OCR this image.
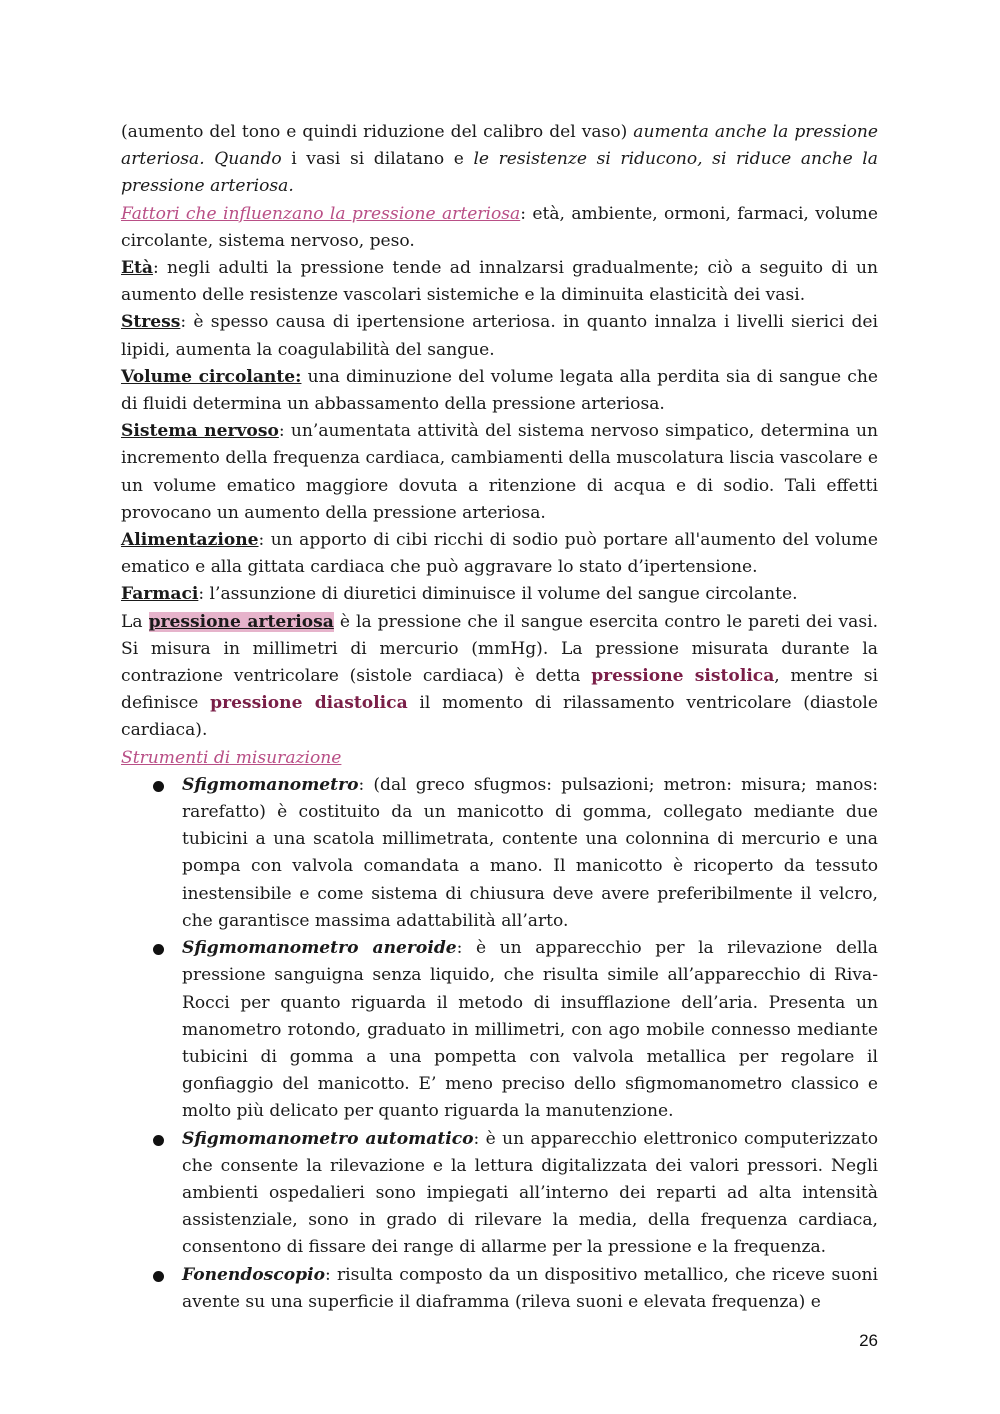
(aumento del tono e quindi riduzione del calibro del vaso) aumenta anche la pressione arteriosa. Quando i vasi si dilatano e le resistenze si riducono, si riduce anche la pressione arteriosa.

Fattori che influenzano la pressione arteriosa: età, ambiente, ormoni, farmaci, volume circolante, sistema nervoso, peso.

Età: negli adulti la pressione tende ad innalzarsi gradualmente; ciò a seguito di un aumento delle resistenze vascolari sistemiche e la diminuita elasticità dei vasi.

Stress: è spesso causa di ipertensione arteriosa. in quanto innalza i livelli sierici dei lipidi, aumenta la coagulabilità del sangue.

Volume circolante: una diminuzione del volume legata alla perdita sia di sangue che di fluidi determina un abbassamento della pressione arteriosa.

Sistema nervoso: un’aumentata attività del sistema nervoso simpatico, determina un incremento della frequenza cardiaca, cambiamenti della muscolatura liscia vascolare e un volume ematico maggiore dovuta a ritenzione di acqua e di sodio. Tali effetti provocano un aumento della pressione arteriosa.

Alimentazione: un apporto di cibi ricchi di sodio può portare all'aumento del volume ematico e alla gittata cardiaca che può aggravare lo stato d’ipertensione.

Farmaci: l’assunzione di diuretici diminuisce il volume del sangue circolante.

La pressione arteriosa è la pressione che il sangue esercita contro le pareti dei vasi. Si misura in millimetri di mercurio (mmHg). La pressione misurata durante la contrazione ventricolare (sistole cardiaca) è detta pressione sistolica, mentre si definisce pressione diastolica il momento di rilassamento ventricolare (diastole cardiaca).

Strumenti di misurazione

Sfigmomanometro: (dal greco sfugmos: pulsazioni; metron: misura; manos: rarefatto) è costituito da un manicotto di gomma, collegato mediante due tubicini a una scatola millimetrata, contente una colonnina di mercurio e una pompa con valvola comandata a mano. Il manicotto è ricoperto da tessuto inestensibile e come sistema di chiusura deve avere preferibilmente il velcro, che garantisce massima adattabilità all’arto.
Sfigmomanometro aneroide: è un apparecchio per la rilevazione della pressione sanguigna senza liquido, che risulta simile all’apparecchio di Riva-Rocci per quanto riguarda il metodo di insufflazione dell’aria. Presenta un manometro rotondo, graduato in millimetri, con ago mobile connesso mediante tubicini di gomma a una pompetta con valvola metallica per regolare il gonfiaggio del manicotto. E’ meno preciso dello sfigmomanometro classico e molto più delicato per quanto riguarda la manutenzione.
Sfigmomanometro automatico: è un apparecchio elettronico computerizzato che consente la rilevazione e la lettura digitalizzata dei valori pressori. Negli ambienti ospedalieri sono impiegati all’interno dei reparti ad alta intensità assistenziale, sono in grado di rilevare la media, della frequenza cardiaca, consentono di fissare dei range di allarme per la pressione e la frequenza.
Fonendoscopio: risulta composto da un dispositivo metallico, che riceve suoni avente su una superficie il diaframma (rileva suoni e elevata frequenza) e
26
